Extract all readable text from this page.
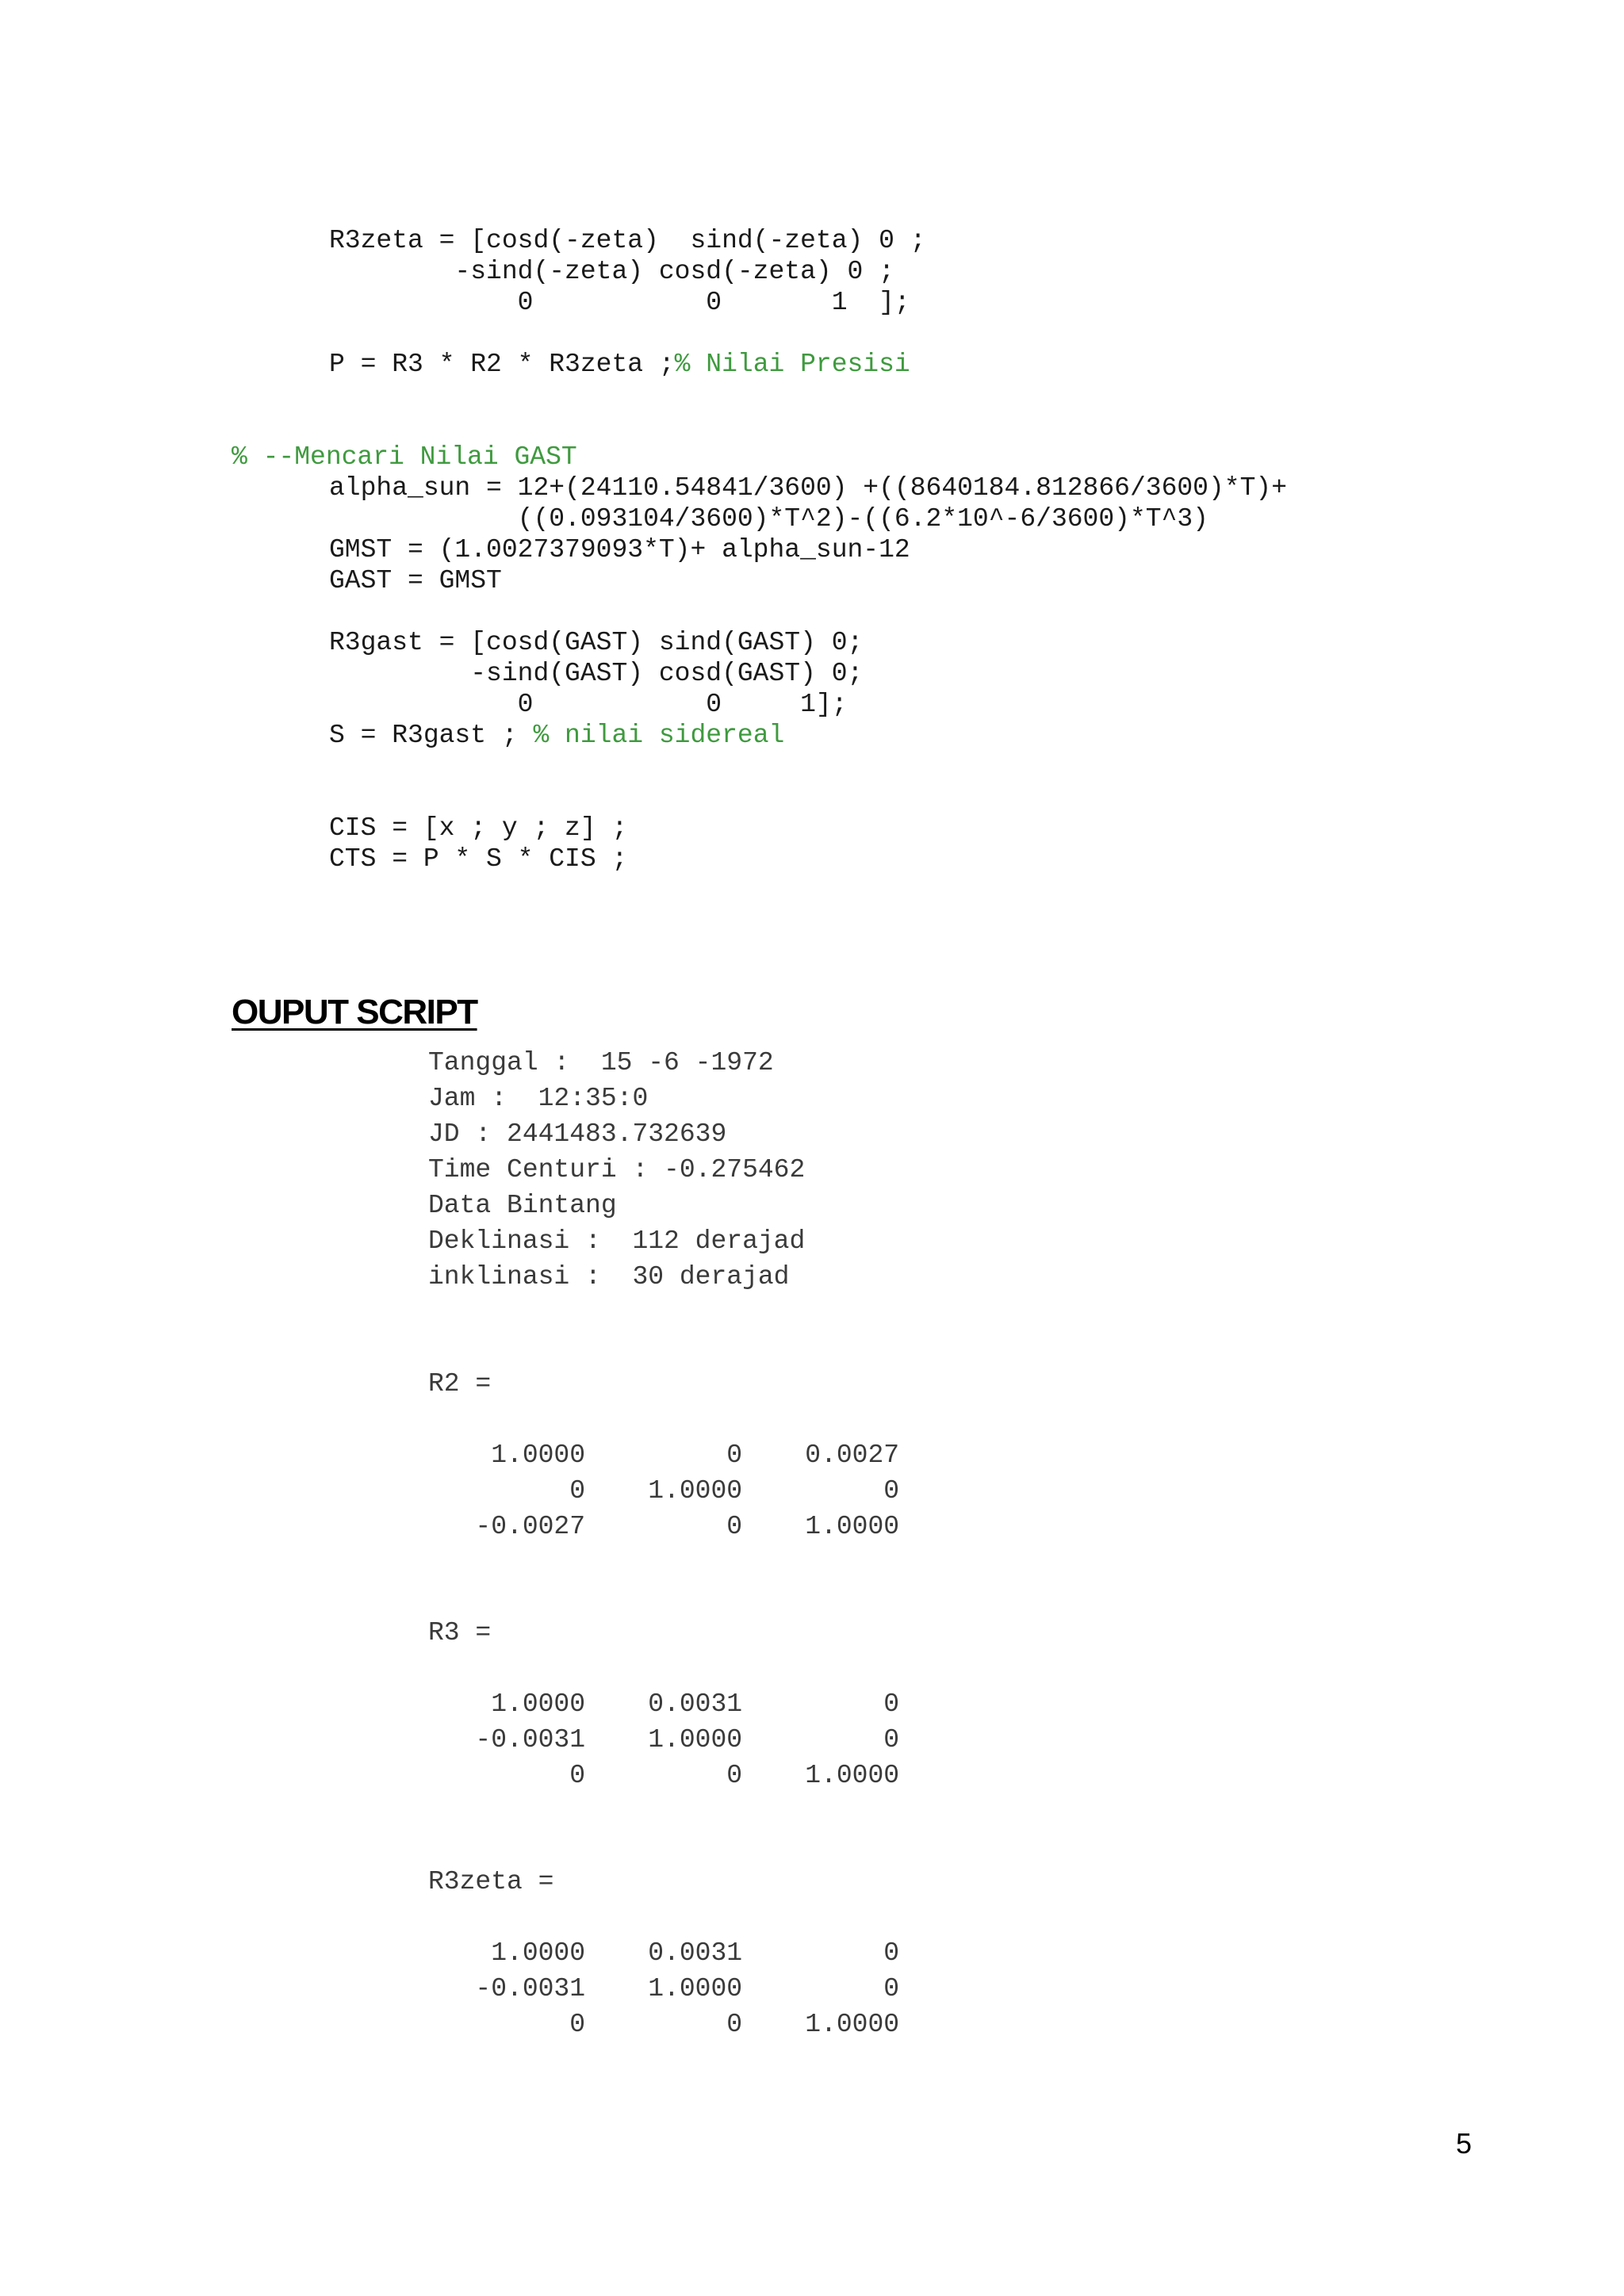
R3zeta = [cosd(-zeta)  sind(-zeta) 0 ;
-sind(-zeta) cosd(-zeta) 0 ;
0           0       1  ];
P = R3 * R2 * R3zeta ;% Nilai Presisi
% --Mencari Nilai GAST
alpha_sun = 12+(24110.54841/3600) +((8640184.812866/3600)*T)+
((0.093104/3600)*T^2)-((6.2*10^-6/3600)*T^3)
GMST = (1.0027379093*T)+ alpha_sun-12
GAST = GMST
R3gast = [cosd(GAST) sind(GAST) 0;
-sind(GAST) cosd(GAST) 0;
0           0     1];
S = R3gast ; % nilai sidereal
CIS = [x ; y ; z] ;
CTS = P * S * CIS ;
OUPUT SCRIPT
Tanggal :  15 -6 -1972
Jam :  12:35:0
JD : 2441483.732639
Time Centuri : -0.275462
Data Bintang
Deklinasi :  112 derajad
inklinasi :  30 derajad
R2 =
1.0000         0    0.0027
0    1.0000         0
-0.0027         0    1.0000
R3 =
1.0000    0.0031         0
-0.0031    1.0000         0
0         0    1.0000
R3zeta =
1.0000    0.0031         0
-0.0031    1.0000         0
0         0    1.0000

5
